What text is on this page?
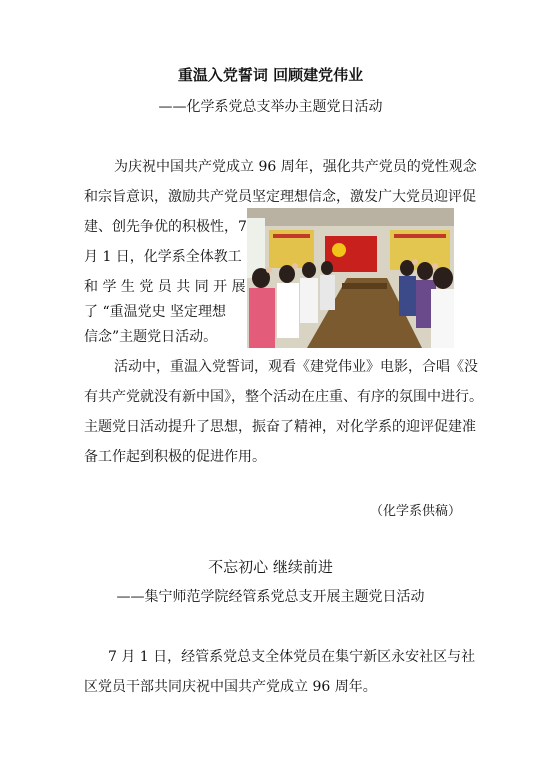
重温入党誓词 回顾建党伟业
——化学系党总支举办主题党日活动
为庆祝中国共产党成立 96 周年，强化共产党员的党性观念
和宗旨意识，激励共产党员坚定理想信念，激发广大党员迎评促
建、创先争优的积极性，7
月 1 日，化学系全体教工
和 学 生 党 员 共 同 开 展
了 “重温党史 坚定理想
信念”主题党日活动。
活动中，重温入党誓词，观看《建党伟业》电影，合唱《没
有共产党就没有新中国》，整个活动在庄重、有序的氛围中进行。
主题党日活动提升了思想，振奋了精神，对化学系的迎评促建准
备工作起到积极的促进作用。
（化学系供稿）
不忘初心 继续前进
——集宁师范学院经管系党总支开展主题党日活动
7 月 1 日，经管系党总支全体党员在集宁新区永安社区与社
区党员干部共同庆祝中国共产党成立 96 周年。
